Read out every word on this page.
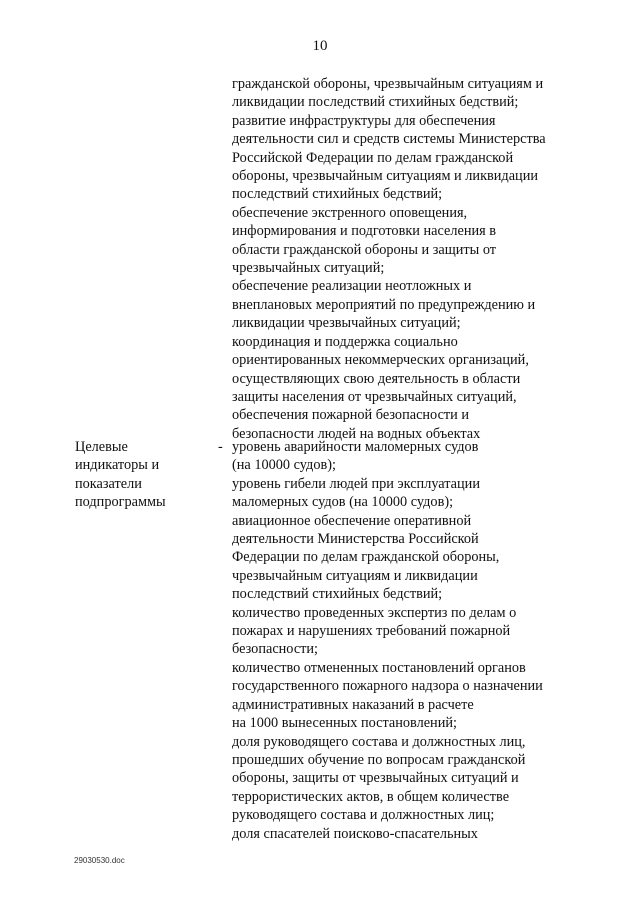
10
гражданской обороны, чрезвычайным ситуациям и
ликвидации последствий стихийных бедствий;
развитие инфраструктуры для обеспечения
деятельности сил и средств системы Министерства
Российской Федерации по делам гражданской
обороны, чрезвычайным ситуациям и ликвидации
последствий стихийных бедствий;
обеспечение экстренного оповещения,
информирования и подготовки населения в
области гражданской обороны и защиты от
чрезвычайных ситуаций;
обеспечение реализации неотложных и
внеплановых мероприятий по предупреждению и
ликвидации чрезвычайных ситуаций;
координация и поддержка социально
ориентированных некоммерческих организаций,
осуществляющих свою деятельность в области
защиты населения от чрезвычайных ситуаций,
обеспечения пожарной безопасности и
безопасности людей на водных объектах
Целевые
индикаторы и
показатели
подпрограммы
- уровень аварийности маломерных судов
(на 10000 судов);
уровень гибели людей при эксплуатации
маломерных судов (на 10000 судов);
авиационное обеспечение оперативной
деятельности Министерства Российской
Федерации по делам гражданской обороны,
чрезвычайным ситуациям и ликвидации
последствий стихийных бедствий;
количество проведенных экспертиз по делам о
пожарах и нарушениях требований пожарной
безопасности;
количество отмененных постановлений органов
государственного пожарного надзора о назначении
административных наказаний в расчете
на 1000 вынесенных постановлений;
доля руководящего состава и должностных лиц,
прошедших обучение по вопросам гражданской
обороны, защиты от чрезвычайных ситуаций и
террористических актов, в общем количестве
руководящего состава и должностных лиц;
доля спасателей поисково-спасательных
29030530.doc
